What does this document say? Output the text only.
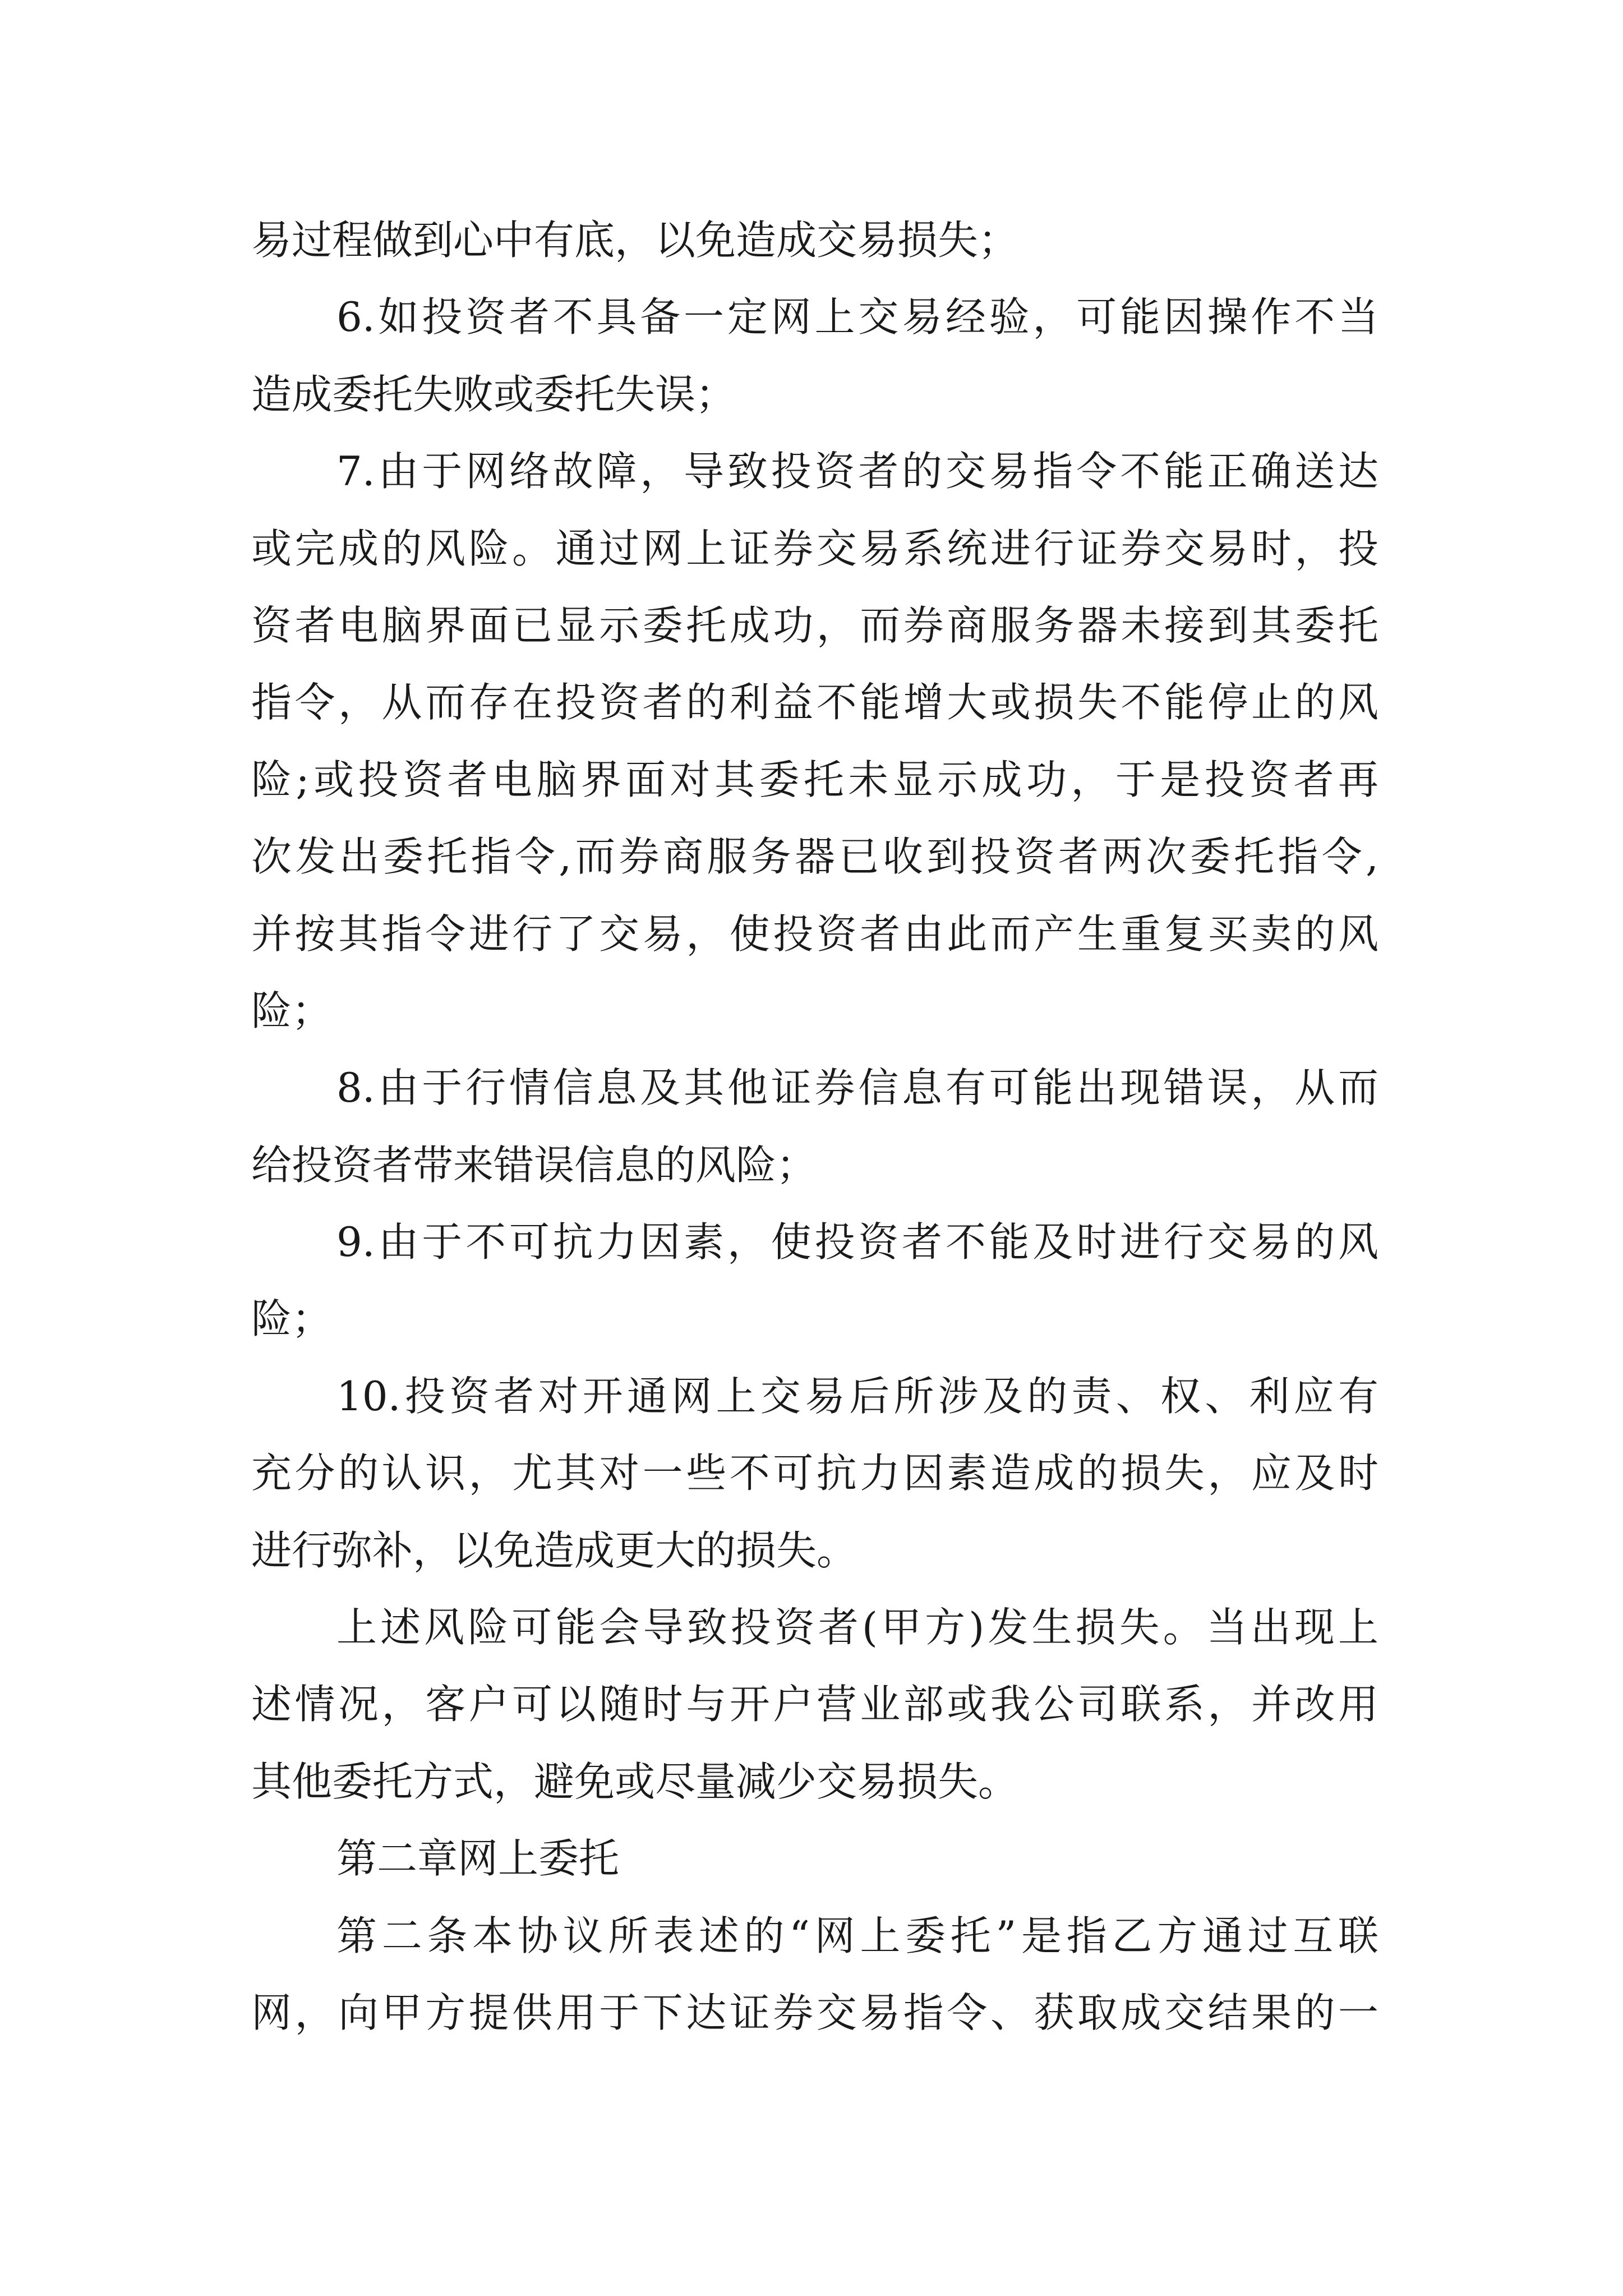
易过程做到心中有底，以免造成交易损失；
6.如投资者不具备一定网上交易经验，可能因操作不当
造成委托失败或委托失误；
7.由于网络故障，导致投资者的交易指令不能正确送达
或完成的风险。通过网上证券交易系统进行证券交易时，投
资者电脑界面已显示委托成功，而券商服务器未接到其委托
指令，从而存在投资者的利益不能增大或损失不能停止的风
险;或投资者电脑界面对其委托未显示成功，于是投资者再
次发出委托指令,而券商服务器已收到投资者两次委托指令,
并按其指令进行了交易，使投资者由此而产生重复买卖的风
险；
8.由于行情信息及其他证券信息有可能出现错误，从而
给投资者带来错误信息的风险；
9.由于不可抗力因素，使投资者不能及时进行交易的风
险；
10.投资者对开通网上交易后所涉及的责、权、利应有
充分的认识，尤其对一些不可抗力因素造成的损失，应及时
进行弥补，以免造成更大的损失。
上述风险可能会导致投资者(甲方)发生损失。当出现上
述情况，客户可以随时与开户营业部或我公司联系，并改用
其他委托方式，避免或尽量减少交易损失。
第二章网上委托
第二条本协议所表述的“网上委托”是指乙方通过互联
网，向甲方提供用于下达证券交易指令、获取成交结果的一
